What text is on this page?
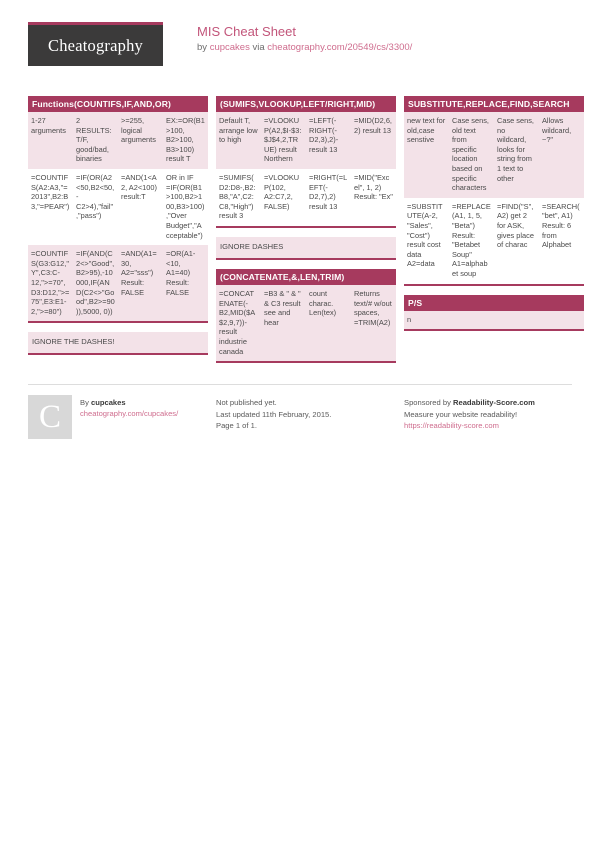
Cheatography
MIS Cheat Sheet
by cupcakes via cheatography.com/20549/cs/3300/
Functions(COUNTIFS,IF,AND,OR)
1-27 arguments	2 RESULTS: T/F, good/bad, binaries	>=255, logical arguments	EX:=OR(B1>100, B2>100, B3>100) result T
=COUNTIFS(A2:A3,"=2013",B2:B3,"=PEAR")	=IF(OR(A2<50,B2<50,-C2>4),"fail","pass")	=AND(1<A2, A2<100) result:T	OR in IF =IF(OR(B1>100,B2>100,B3>100),"Over Budget","Acceptable")
=COUNTIFS(G3:G12,"Y",C3:C-12,">=70", D3:D12,">=75",E3:E1-2,">=80")	=IF(AND(C2<>"Good",B2>95),-10000,IF(AND(C2<>"Good",B2>=90)),5000, 0))	=AND(A1=30, A2="sss") Result: FALSE	=OR(A1-<10, A1=40) Result: FALSE
IGNORE THE DASHES!
(SUMIFS,VLOOKUP,LEFT/RIGHT,MID)
Default T, arrange low to high	=VLOOKUP(A2,$I-$3:$J$4,2,TRUE) result Northern	=LEFT(-RIGHT(-D2,3),2)- result 13	=MID(D2,6,2) result 13
=SUMIFS(D2:D8-,B2:B8,"A",C2:C8,"High") result 3	=VLOOKUP(102, A2:C7,2, FALSE)	=RIGHT(=LEFT(-D2,7),2) result 13	=MID("Excel", 1, 2) Result: "Ex"
IGNORE DASHES
(CONCATENATE,&,LEN,TRIM)
=CONCATENATE(-B2,MID($A$2,9,7))- result industrie canada	=B3 & " & " & C3 result see and hear	count charac. Len(tex)	Returns text/# w/out spaces, =TRIM(A2)
SUBSTITUTE,REPLACE,FIND,SEARCH
new text for old,case senstive	Case sens, old text from specific location based on specific characters	Case sens, no wildcard, looks for string from 1 text to other	Allows wildcard, ~?"
=SUBSTITUTE(A-2, "Sales", "Cost") result cost data A2=data	=REPLACE(A1, 1, 5, "Beta") Result: "Betabet Soup" A1=alphabet soup	=FIND("S",A2) get 2 for ASK, gives place of charac	=SEARCH("bet", A1) Result: 6 from Alphabet
P/S
n
C	By cupcakes
cheatography.com/cupcakes/
Not published yet.
Last updated 11th February, 2015.
Page 1 of 1.
Sponsored by Readability-Score.com
Measure your website readability!
https://readability-score.com
